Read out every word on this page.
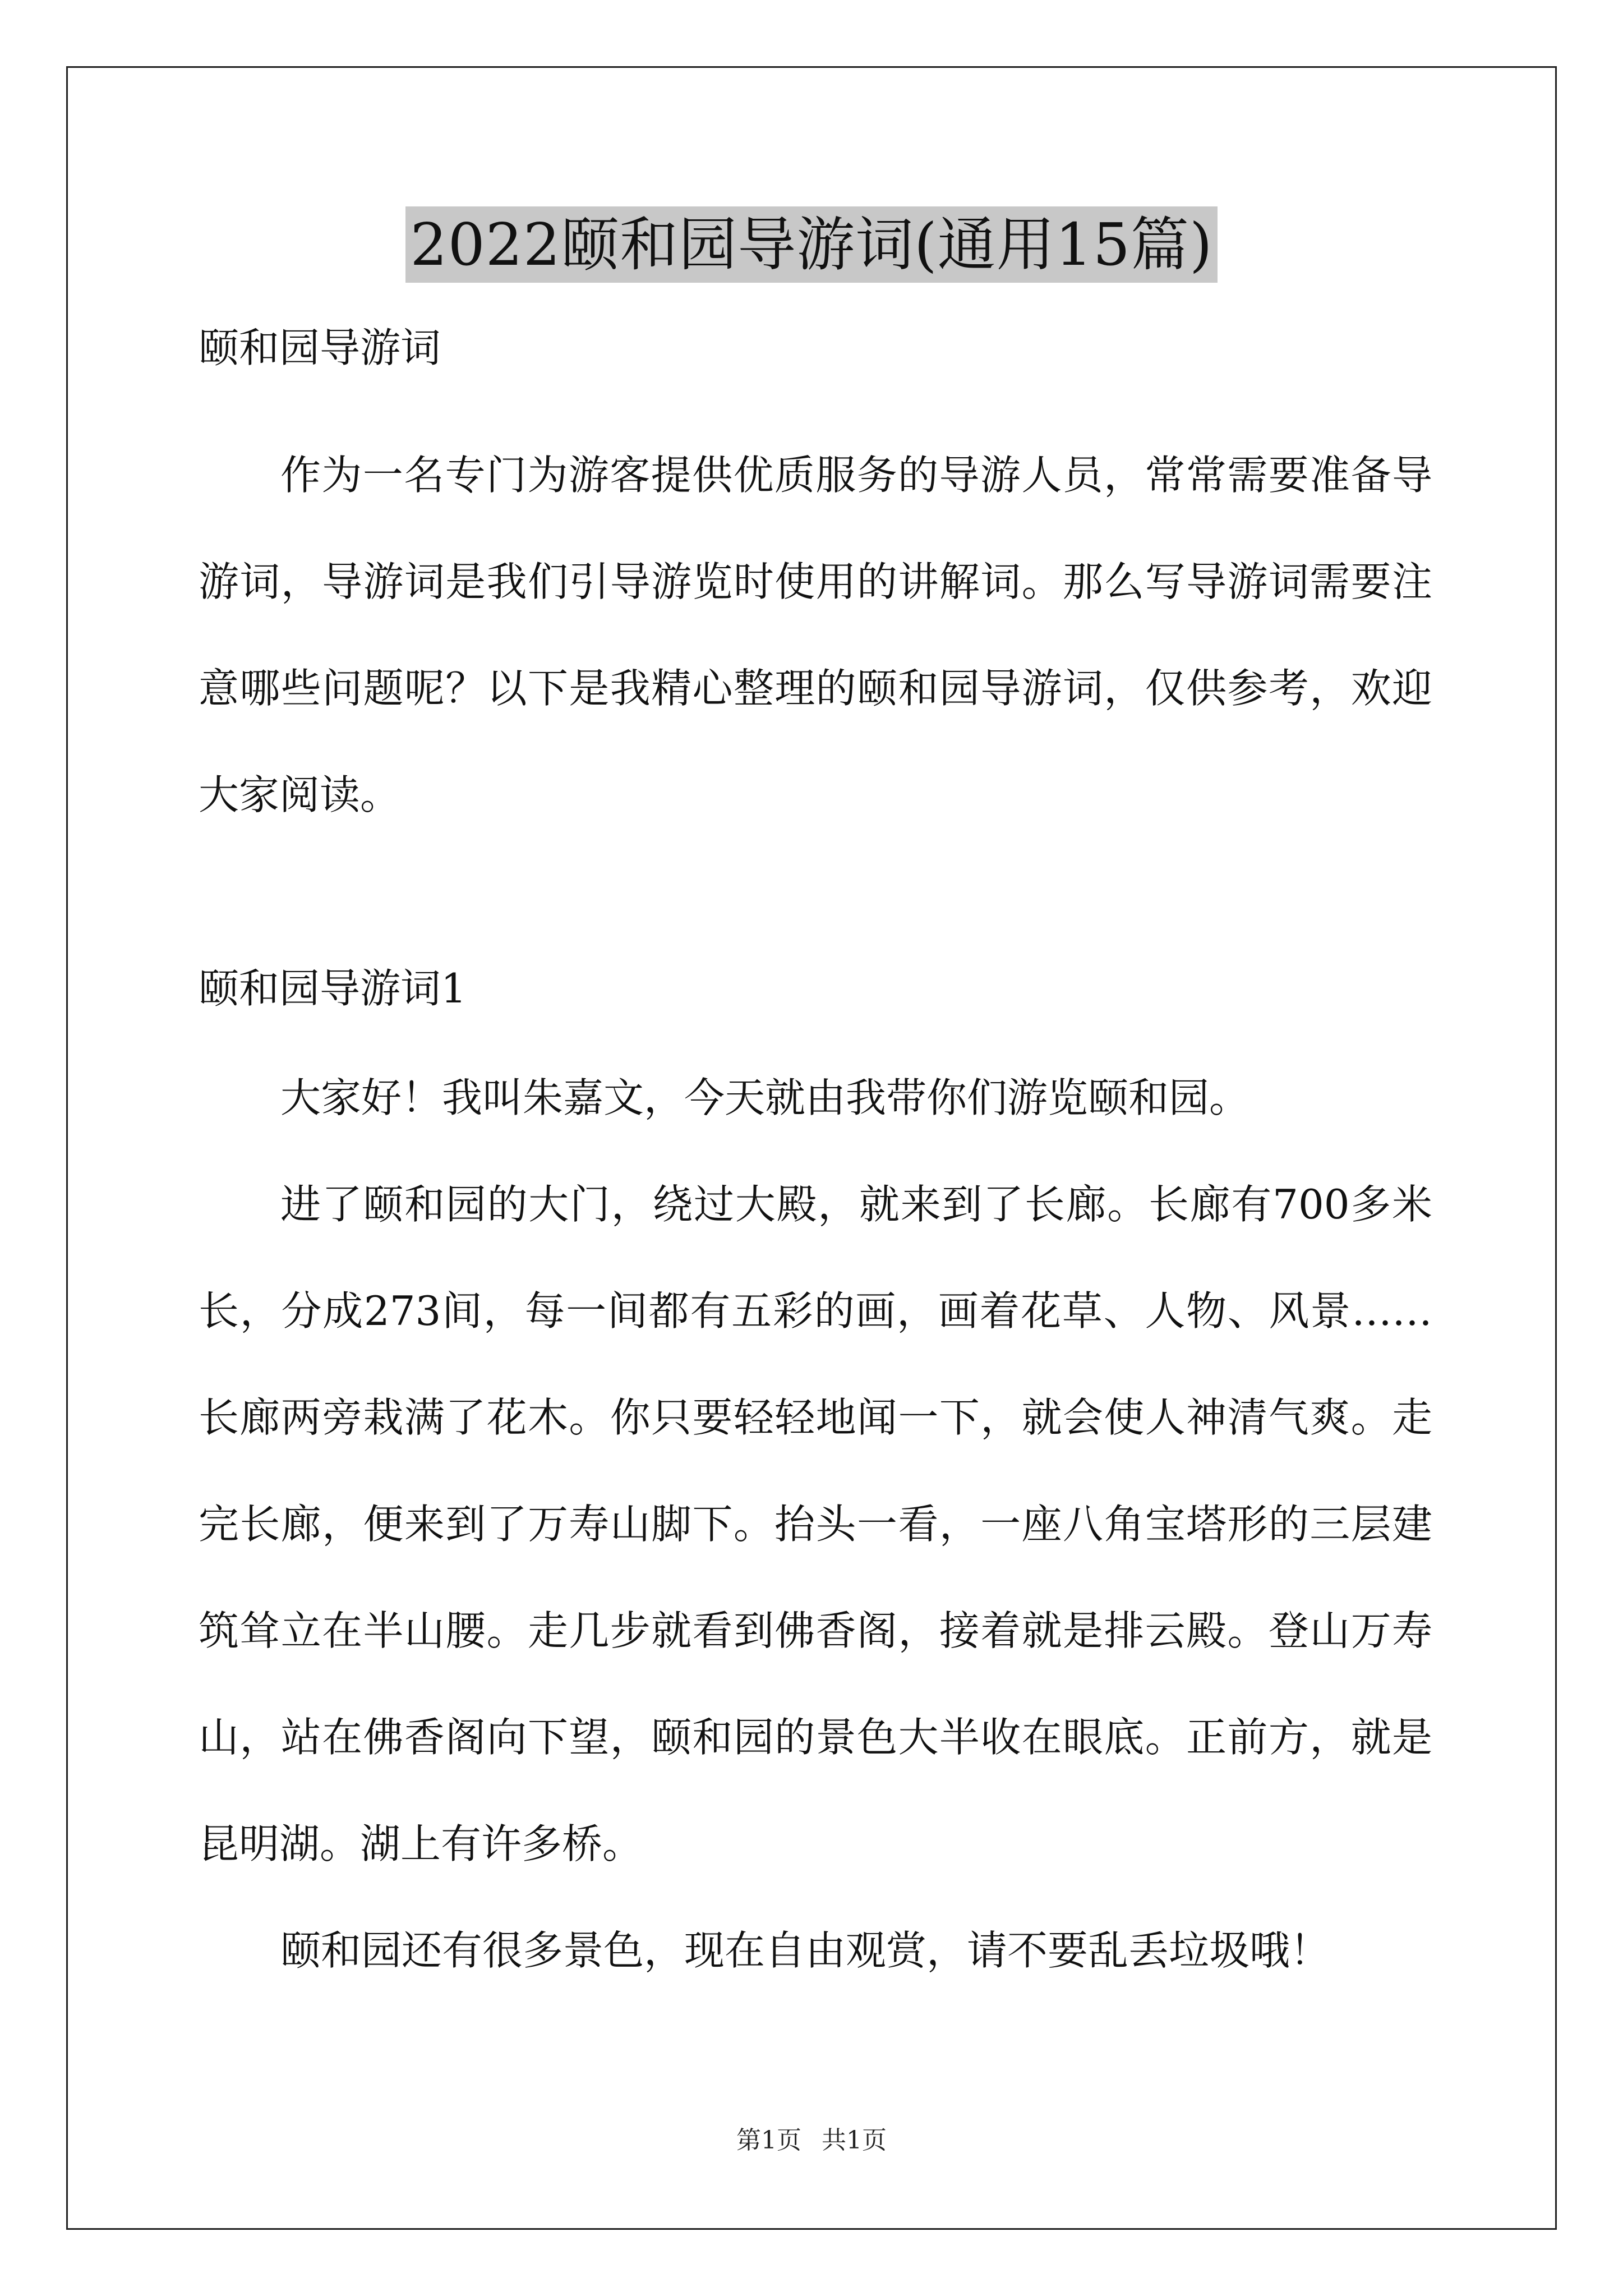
2022颐和园导游词(通用15篇)

颐和园导游词

作为一名专门为游客提供优质服务的导游人员，常常需要准备导游词，导游词是我们引导游览时使用的讲解词。那么写导游词需要注意哪些问题呢？以下是我精心整理的颐和园导游词，仅供参考，欢迎大家阅读。

颐和园导游词1

大家好！我叫朱嘉文，今天就由我带你们游览颐和园。

进了颐和园的大门，绕过大殿，就来到了长廊。长廊有700多米长，分成273间，每一间都有五彩的画，画着花草、人物、风景……长廊两旁栽满了花木。你只要轻轻地闻一下，就会使人神清气爽。走完长廊，便来到了万寿山脚下。抬头一看，一座八角宝塔形的三层建筑耸立在半山腰。走几步就看到佛香阁，接着就是排云殿。登山万寿山，站在佛香阁向下望，颐和园的景色大半收在眼底。正前方，就是昆明湖。湖上有许多桥。

颐和园还有很多景色，现在自由观赏，请不要乱丢垃圾哦！

第1页 共1页
